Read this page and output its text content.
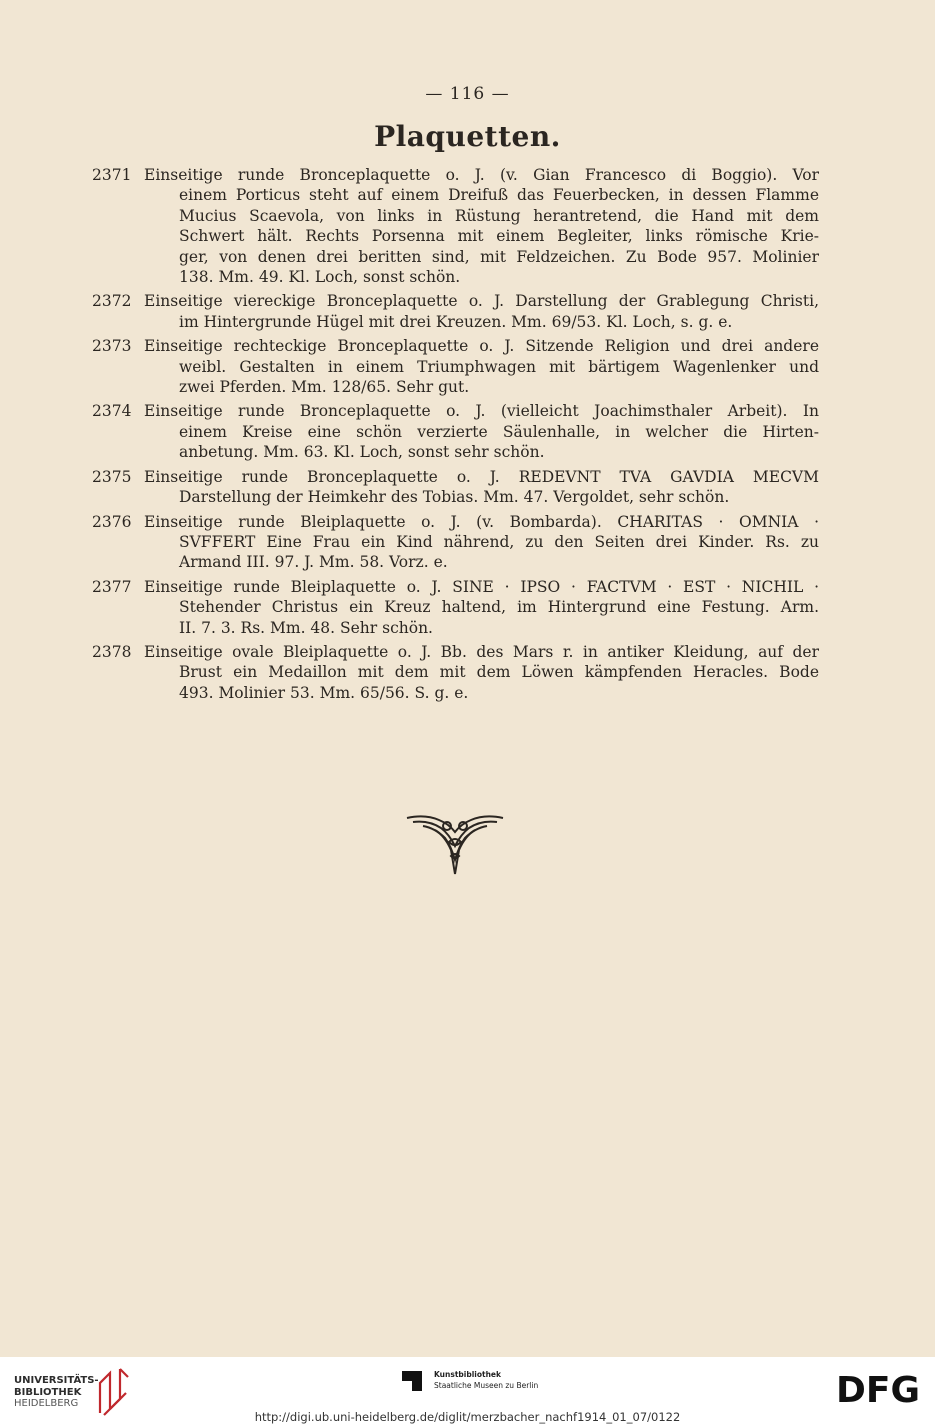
— 116 —
Plaquetten.
2371 Einseitige runde Bronceplaquette o. J. (v. Gian Francesco di Boggio). Vor
einem Porticus steht auf einem Dreifuß das Feuerbecken, in dessen Flamme
Mucius Scaevola, von links in Rüstung herantretend, die Hand mit dem
Schwert hält. Rechts Porsenna mit einem Begleiter, links römische Krie-
ger, von denen drei beritten sind, mit Feldzeichen. Zu Bode 957. Molinier
138. Mm. 49. Kl. Loch, sonst schön.
2372 Einseitige viereckige Bronceplaquette o. J. Darstellung der Grablegung Christi,
im Hintergrunde Hügel mit drei Kreuzen. Mm. 69/53. Kl. Loch, s. g. e.
2373 Einseitige rechteckige Bronceplaquette o. J. Sitzende Religion und drei andere
weibl. Gestalten in einem Triumphwagen mit bärtigem Wagenlenker und
zwei Pferden. Mm. 128/65. Sehr gut.
2374 Einseitige runde Bronceplaquette o. J. (vielleicht Joachimsthaler Arbeit). In
einem Kreise eine schön verzierte Säulenhalle, in welcher die Hirten-
anbetung. Mm. 63. Kl. Loch, sonst sehr schön.
2375 Einseitige runde Bronceplaquette o. J. REDEVNT TVA GAVDIA MECVM
Darstellung der Heimkehr des Tobias. Mm. 47. Vergoldet, sehr schön.
2376 Einseitige runde Bleiplaquette o. J. (v. Bombarda). CHARITAS · OMNIA ·
SVFFERT Eine Frau ein Kind nährend, zu den Seiten drei Kinder. Rs. zu
Armand III. 97. J. Mm. 58. Vorz. e.
2377 Einseitige runde Bleiplaquette o. J. SINE · IPSO · FACTVM · EST · NICHIL ·
Stehender Christus ein Kreuz haltend, im Hintergrund eine Festung. Arm.
II. 7. 3. Rs. Mm. 48. Sehr schön.
2378 Einseitige ovale Bleiplaquette o. J. Bb. des Mars r. in antiker Kleidung, auf der
Brust ein Medaillon mit dem mit dem Löwen kämpfenden Heracles. Bode
493. Molinier 53. Mm. 65/56. S. g. e.
UNIVERSITÄTS-
BIBLIOTHEK
HEIDELBERG
Kunstbibliothek
Staatliche Museen zu Berlin	DFG
http://digi.ub.uni-heidelberg.de/diglit/merzbacher_nachf1914_01_07/0122
